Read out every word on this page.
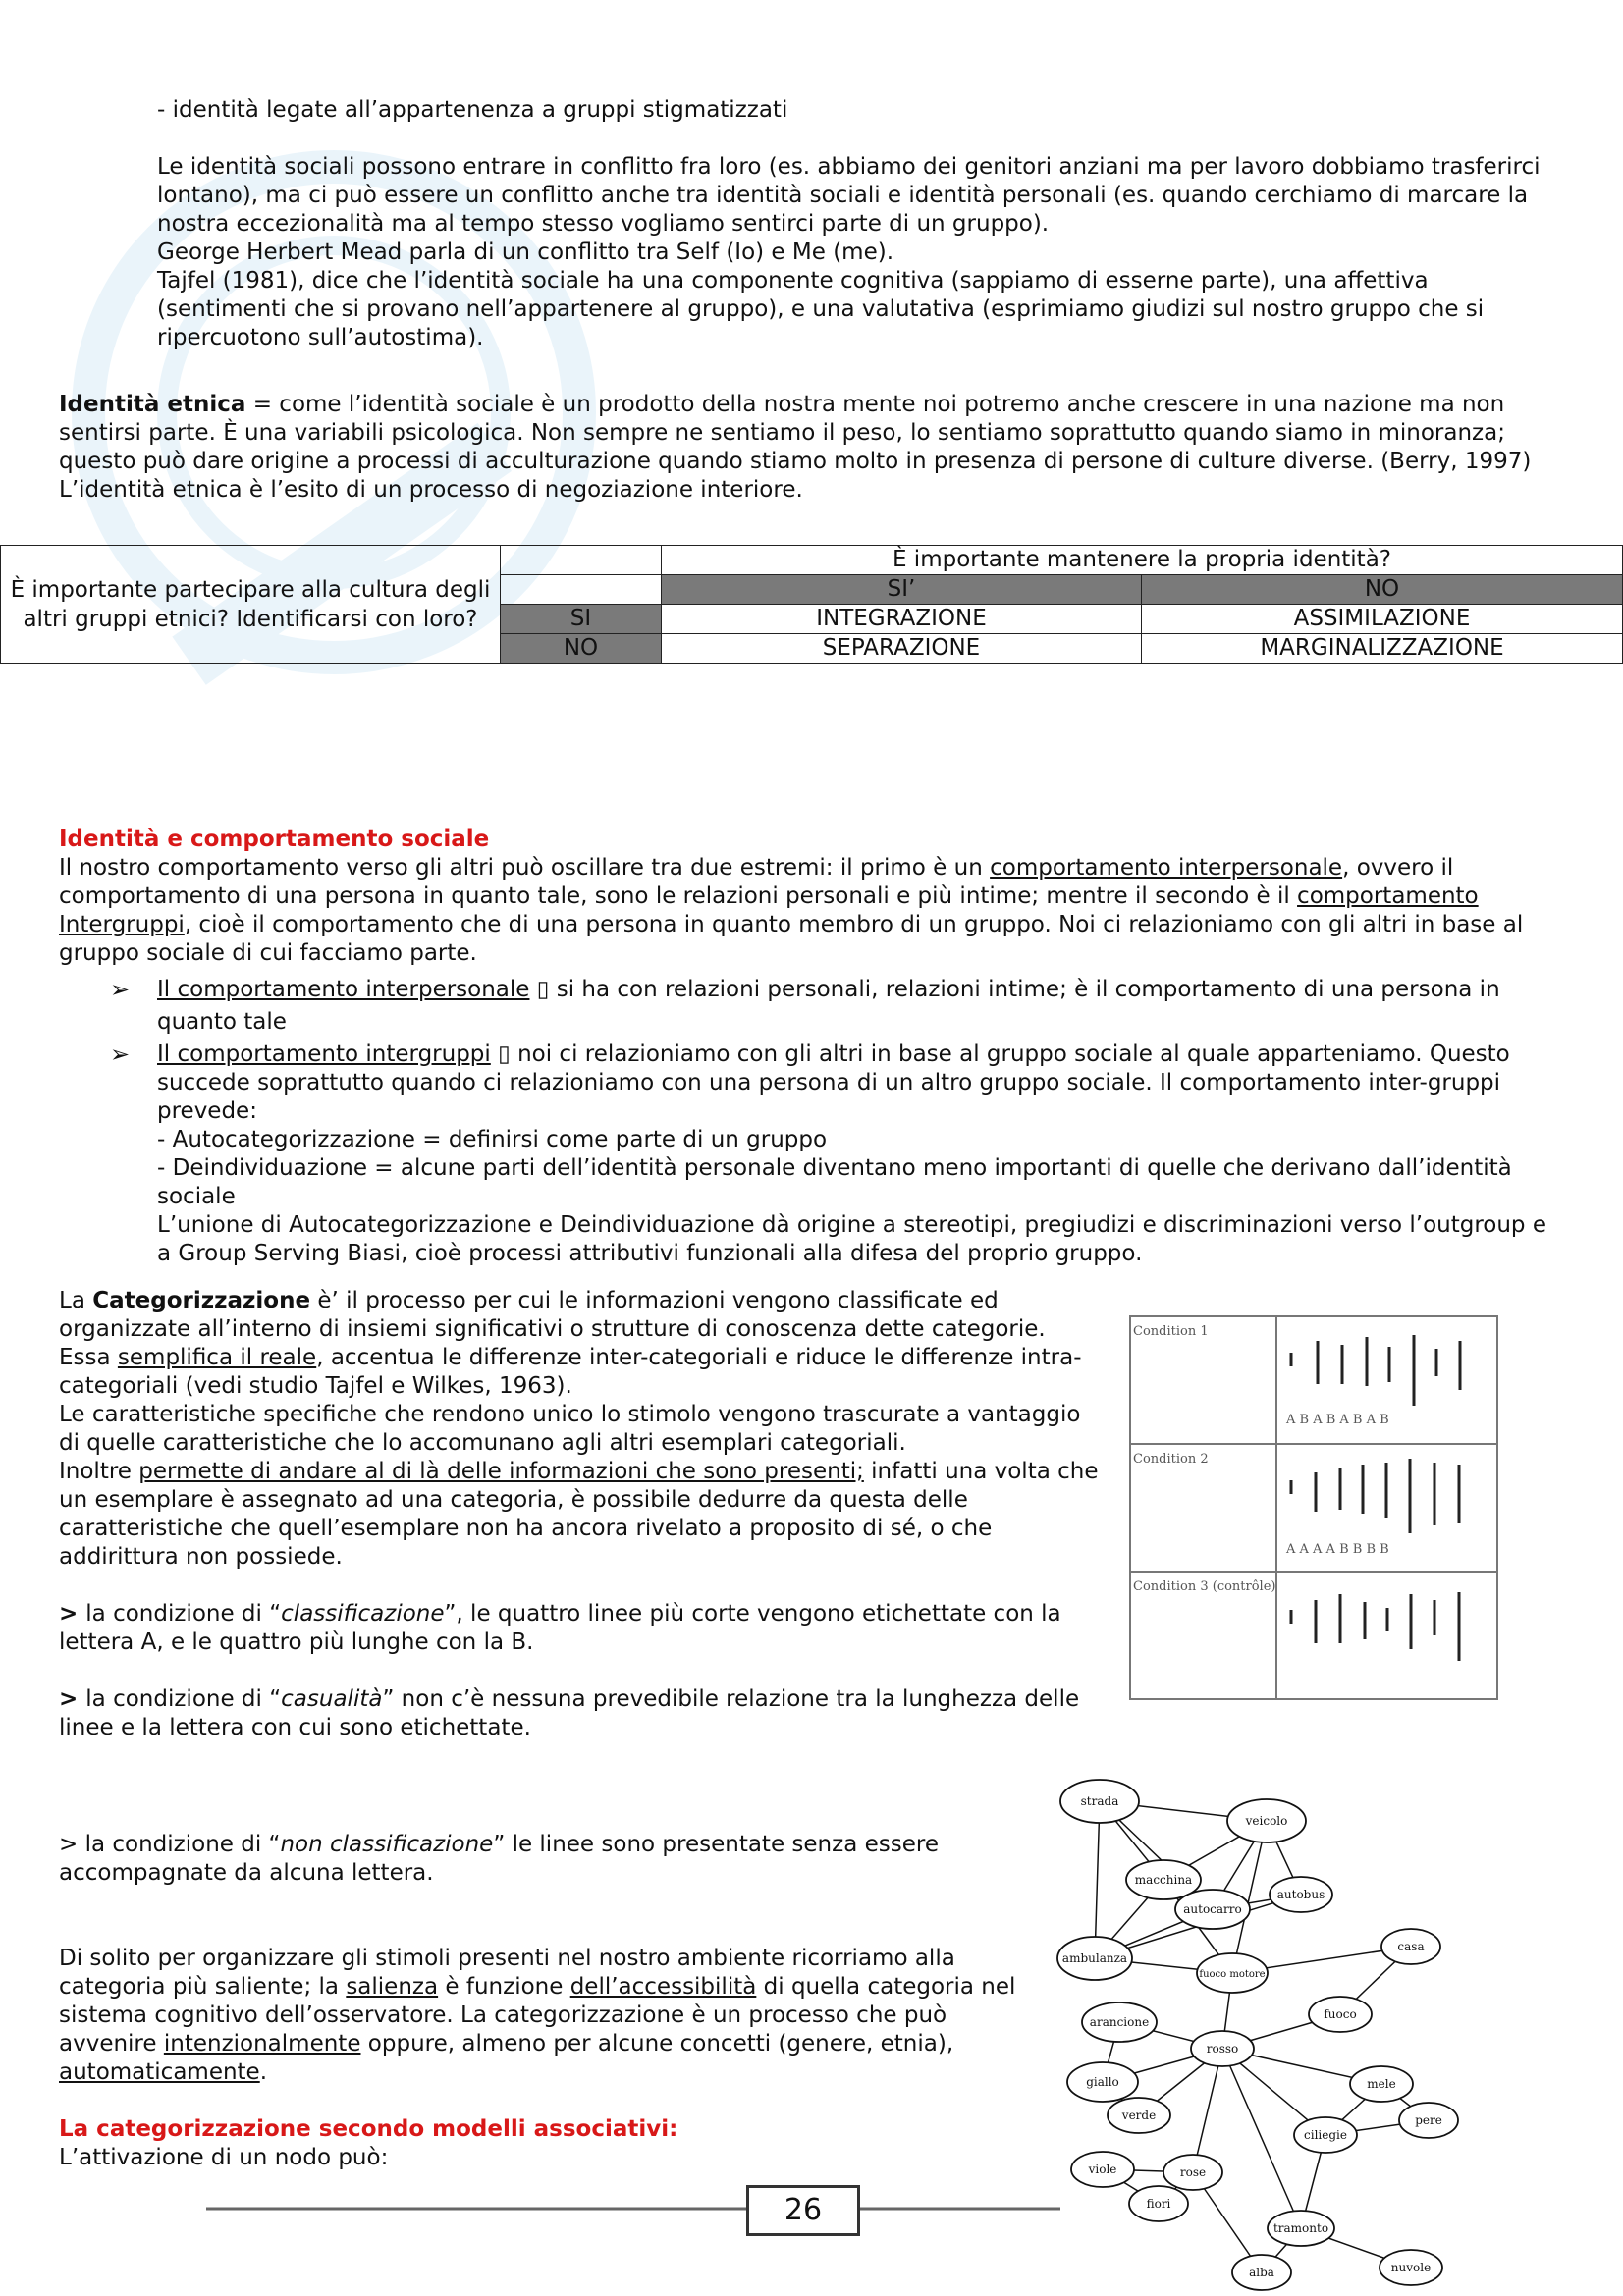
- identità legate all’appartenenza a gruppi stigmatizzati

Le identità sociali possono entrare in conflitto fra loro (es. abbiamo dei genitori anziani ma per lavoro dobbiamo trasferirci lontano), ma ci può essere un conflitto anche tra identità sociali e identità personali (es. quando cerchiamo di marcare la nostra eccezionalità ma al tempo stesso vogliamo sentirci parte di un gruppo).

George Herbert Mead parla di un conflitto tra Self (Io) e Me (me).

Tajfel (1981), dice che l’identità sociale ha una componente cognitiva (sappiamo di esserne parte), una affettiva (sentimenti che si provano nell’appartenere al gruppo), e una valutativa (esprimiamo giudizi sul nostro gruppo che si ripercuotono sull’autostima).

Identità etnica = come l’identità sociale è un prodotto della nostra mente noi potremo anche crescere in una nazione ma non sentirsi parte. È una variabili psicologica. Non sempre ne sentiamo il peso, lo sentiamo soprattutto quando siamo in minoranza; questo può dare origine a processi di acculturazione quando stiamo molto in presenza di persone di culture diverse. (Berry, 1997)

L’identità etnica è l’esito di un processo di negoziazione interiore.

È importante partecipare alla cultura degli altri gruppi etnici? Identificarsi con loro?		È importante mantenere la propria identità?	
		SI’	NO
	SI	INTEGRAZIONE	ASSIMILAZIONE
	NO	SEPARAZIONE	MARGINALIZZAZIONE

Identità e comportamento sociale

Il nostro comportamento verso gli altri può oscillare tra due estremi: il primo è un comportamento interpersonale, ovvero il comportamento di una persona in quanto tale, sono le relazioni personali e più intime; mentre il secondo è il comportamento Intergruppi, cioè il comportamento che di una persona in quanto membro di un gruppo. Noi ci relazioniamo con gli altri in base al gruppo sociale di cui facciamo parte.

➢ Il comportamento interpersonale ▯ si ha con relazioni personali, relazioni intime; è il comportamento di una persona in quanto tale
➢ Il comportamento intergruppi ▯ noi ci relazioniamo con gli altri in base al gruppo sociale al quale apparteniamo. Questo succede soprattutto quando ci relazioniamo con una persona di un altro gruppo sociale. Il comportamento inter-gruppi prevede:

- Autocategorizzazione = definirsi come parte di un gruppo

- Deindividuazione = alcune parti dell’identità personale diventano meno importanti di quelle che derivano dall’identità sociale

L’unione di Autocategorizzazione e Deindividuazione dà origine a stereotipi, pregiudizi e discriminazioni verso l’outgroup e a Group Serving Biasi, cioè processi attributivi funzionali alla difesa del proprio gruppo.

La Categorizzazione è’ il processo per cui le informazioni vengono classificate ed organizzate all’interno di insiemi significativi o strutture di conoscenza dette categorie.

Essa semplifica il reale, accentua le differenze inter-categoriali e riduce le differenze intra-categoriali (vedi studio Tajfel e Wilkes, 1963).

Le caratteristiche specifiche che rendono unico lo stimolo vengono trascurate a vantaggio di quelle caratteristiche che lo accomunano agli altri esemplari categoriali.

Inoltre permette di andare al di là delle informazioni che sono presenti; infatti una volta che un esemplare è assegnato ad una categoria, è possibile dedurre da questa delle caratteristiche che quell’esemplare non ha ancora rivelato a proposito di sé, o che addirittura non possiede.

> la condizione di “classificazione”, le quattro linee più corte vengono etichettate con la lettera A, e le quattro più lunghe con la B.

> la condizione di “casualità” non c’è nessuna prevedibile relazione tra la lunghezza delle linee e la lettera con cui sono etichettate.

> la condizione di “non classificazione” le linee sono presentate senza essere accompagnate da alcuna lettera.

Di solito per organizzare gli stimoli presenti nel nostro ambiente ricorriamo alla categoria più saliente; la salienza è funzione dell’accessibilità di quella categoria nel sistema cognitivo dell’osservatore. La categorizzazione è un processo che può avvenire intenzionalmente oppure, almeno per alcune concetti (genere, etnia), automaticamente.

La categorizzazione secondo modelli associativi:

L’attivazione di un nodo può:

Condition 1
Condition 2
Condition 3 (contrôle)
A B A B A B A B
A A A A B B B B
strada
veicolo
macchina
autobus
autocarro
ambulanza
fuoco motore
casa
fuoco
arancione
rosso
giallo
verde
mele
pere
ciliegie
viole	rose
fiori
tramonto
alba	nuvole
26
